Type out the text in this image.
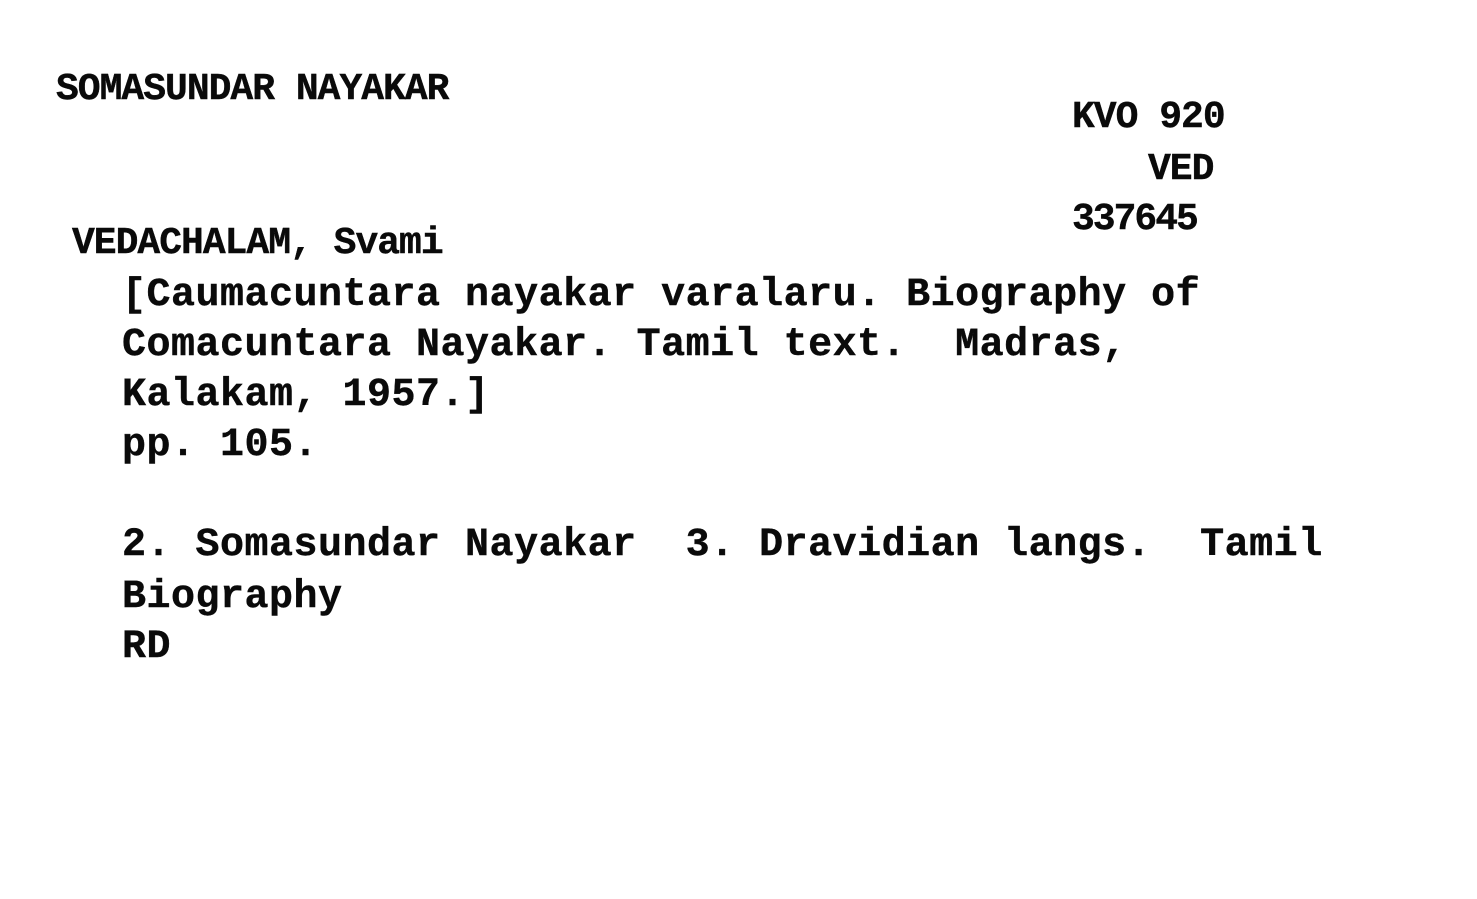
SOMASUNDAR NAYAKAR
KVO 920
VED
337645
VEDACHALAM, Svami
[Caumacuntara nayakar varalaru. Biography of
Comacuntara Nayakar. Tamil text.  Madras,
Kalakam, 1957.]
pp. 105.
2. Somasundar Nayakar  3. Dravidian langs.  Tamil
Biography
RD
